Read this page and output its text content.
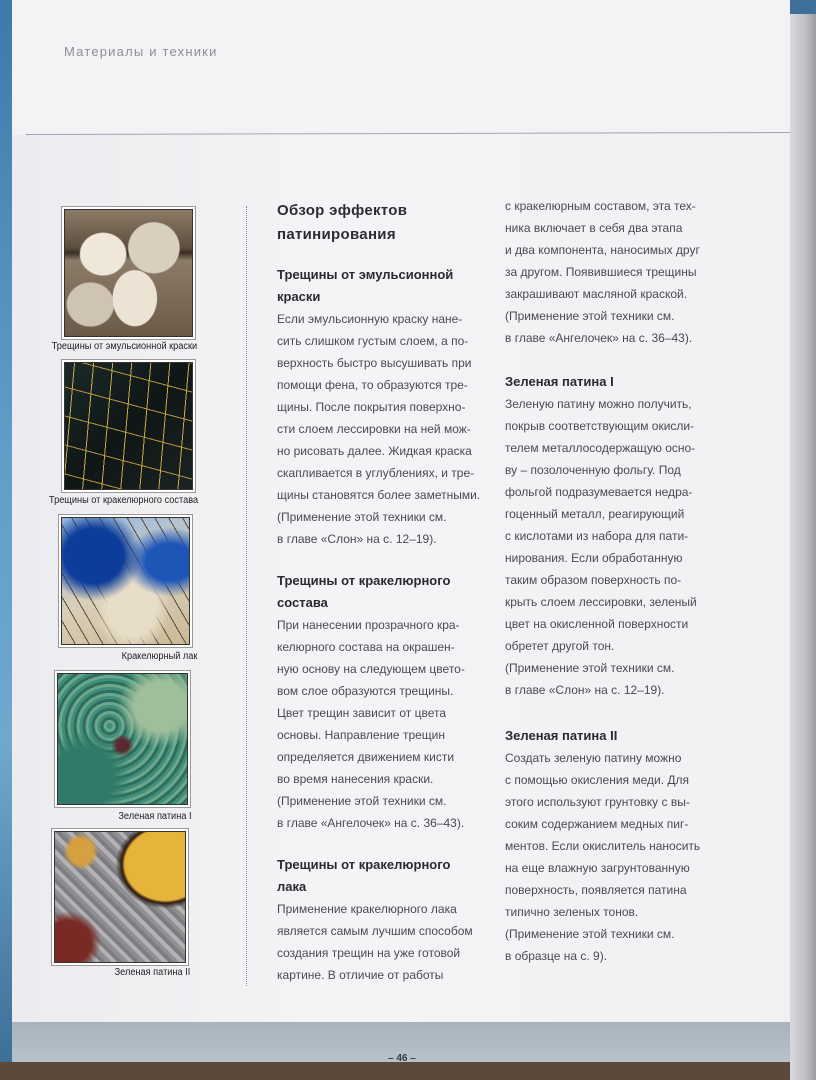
Материалы и техники
Трещины от эмульсионной краски
Трещины от кракелюрного состава
Кракелюрный лак
Зеленая патина I
Зеленая патина II
Обзор эффектов
патинирования
Трещины от эмульсионной
краски

Если эмульсионную краску нане-

сить слишком густым слоем, а по-

верхность быстро высушивать при

помощи фена, то образуются тре-

щины. После покрытия поверхно-

сти слоем лессировки на ней мож-

но рисовать далее. Жидкая краска

скапливается в углублениях, и тре-

щины становятся более заметными.

(Применение этой техники см.

в главе «Слон» на с. 12–19).

Трещины от кракелюрного
состава

При нанесении прозрачного кра-

келюрного состава на окрашен-

ную основу на следующем цвето-

вом слое образуются трещины.

Цвет трещин зависит от цвета

основы. Направление трещин

определяется движением кисти

во время нанесения краски.

(Применение этой техники см.

в главе «Ангелочек» на с. 36–43).

Трещины от кракелюрного
лака

Применение кракелюрного лака

является самым лучшим способом

создания трещин на уже готовой

картине. В отличие от работы

с кракелюрным составом, эта тех-

ника включает в себя два этапа

и два компонента, наносимых друг

за другом. Появившиеся трещины

закрашивают масляной краской.

(Применение этой техники см.

в главе «Ангелочек» на с. 36–43).

Зеленая патина I

Зеленую патину можно получить,

покрыв соответствующим окисли-

телем металлосодержащую осно-

ву – позолоченную фольгу. Под

фольгой подразумевается недра-

гоценный металл, реагирующий

с кислотами из набора для пати-

нирования. Если обработанную

таким образом поверхность по-

крыть слоем лессировки, зеленый

цвет на окисленной поверхности

обретет другой тон.

(Применение этой техники см.

в главе «Слон» на с. 12–19).

Зеленая патина II

Создать зеленую патину можно

с помощью окисления меди. Для

этого используют грунтовку с вы-

соким содержанием медных пиг-

ментов. Если окислитель наносить

на еще влажную загрунтованную

поверхность, появляется патина

типично зеленых тонов.

(Применение этой техники см.

в образце на с. 9).

– 46 –
